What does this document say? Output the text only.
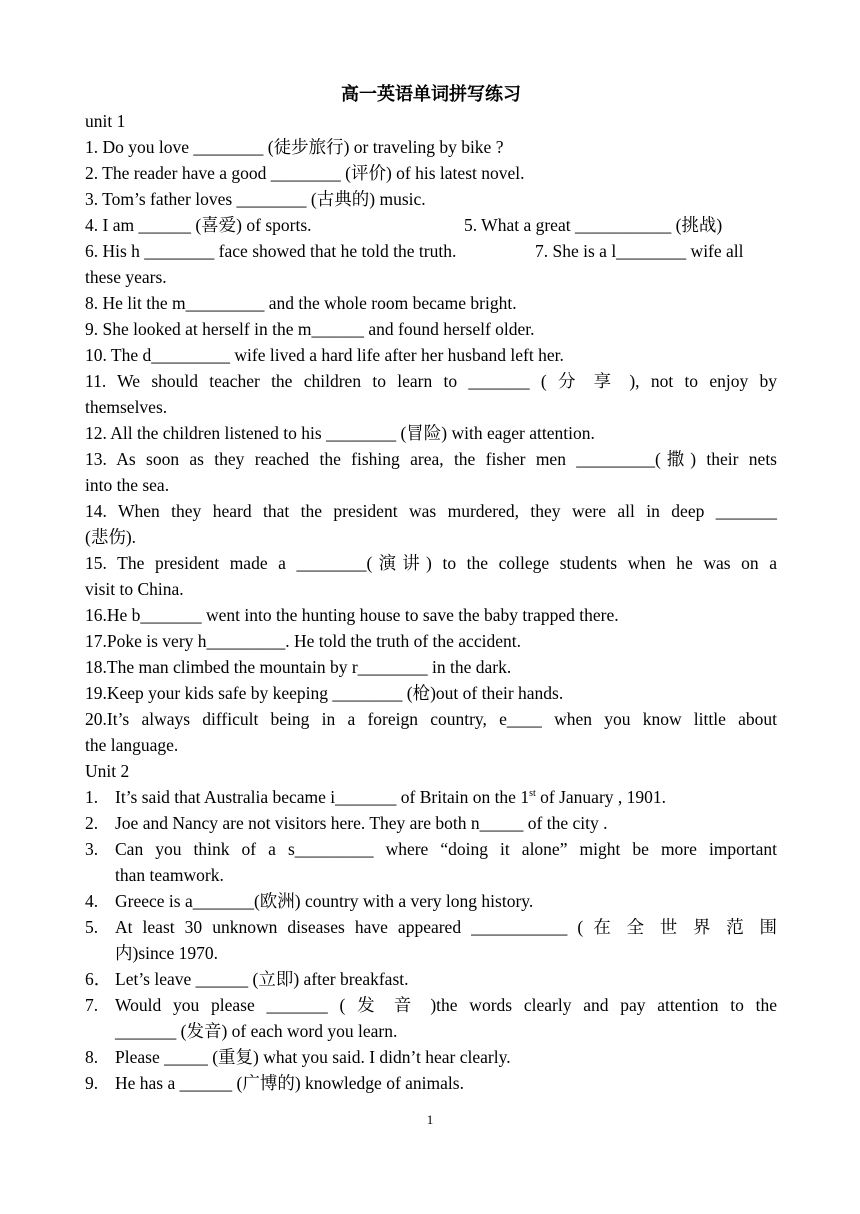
高一英语单词拼写练习
unit 1
1. Do you love ________ (徒步旅行) or traveling by bike ?
2. The reader have a good ________ (评价) of his latest novel.
3. Tom’s father loves ________ (古典的) music.
4. I am ______ (喜爱) of sports.	5. What a great ___________ (挑战)
6. His h ________ face showed that he told the truth.	7. She is a l________ wife all
these years.
8. He lit the m_________ and the whole room became bright.
9. She looked at herself in the m______ and found herself older.
10. The d_________ wife lived a hard life after her husband left her.
11. We should teacher the children to learn to _______ ( 分 享 ), not to enjoy by
themselves.
12. All the children listened to his ________ (冒险) with eager attention.
13. As soon as they reached the fishing area, the fisher men _________(撒) their nets
into the sea.
14. When they heard that the president was murdered, they were all in deep _______
(悲伤).
15. The president made a ________(演讲) to the college students when he was on a
visit to China.
16.He b_______ went into the hunting house to save the baby trapped there.
17.Poke is very h_________. He told the truth of the accident.
18.The man climbed the mountain by r________ in the dark.
19.Keep your kids safe by keeping ________ (枪)out of their hands.
20.It’s always difficult being in a foreign country, e____ when you know little about
the language.
Unit 2
1. It’s said that Australia became i_______ of Britain on the 1st of January , 1901.
2. Joe and Nancy are not visitors here. They are both n_____ of the city .
3. Can you think of a s_________ where “doing it alone” might be more important
than teamwork.
4. Greece is a_______(欧洲) country with a very long history.
5. At least 30 unknown diseases have appeared ___________ ( 在 全 世 界 范 围
内)since 1970.
6． Let’s leave ______ (立即) after breakfast.
7. Would you please _______ ( 发 音 )the words clearly and pay attention to the
_______ (发音) of each word you learn.
8. Please _____ (重复) what you said. I didn’t hear clearly.
9. He has a ______ (广博的) knowledge of animals.
1
